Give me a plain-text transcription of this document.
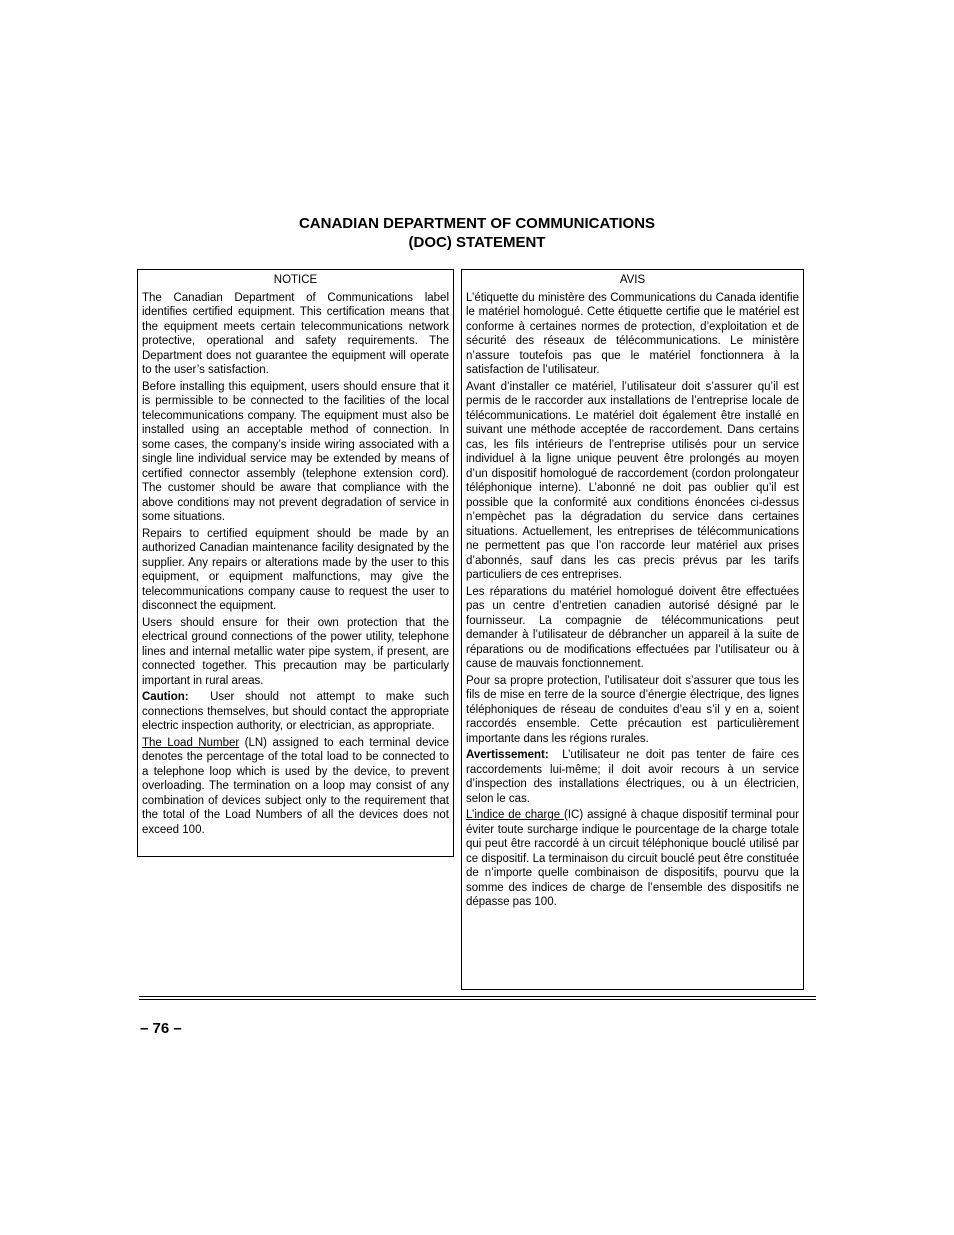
CANADIAN DEPARTMENT OF COMMUNICATIONS
(DOC) STATEMENT
NOTICE
The Canadian Department of Communications label identifies certified equipment. This certification means that the equipment meets certain telecommunications network protective, operational and safety requirements. The Department does not guarantee the equipment will operate to the user’s satisfaction.
Before installing this equipment, users should ensure that it is permissible to be connected to the facilities of the local telecommunications company. The equipment must also be installed using an acceptable method of connection. In some cases, the company’s inside wiring associated with a single line individual service may be extended by means of certified connector assembly (telephone extension cord). The customer should be aware that compliance with the above conditions may not prevent degradation of service in some situations.
Repairs to certified equipment should be made by an authorized Canadian maintenance facility designated by the supplier. Any repairs or alterations made by the user to this equipment, or equipment malfunctions, may give the telecommunications company cause to request the user to disconnect the equipment.
Users should ensure for their own protection that the electrical ground connections of the power utility, telephone lines and internal metallic water pipe system, if present, are connected together. This precaution may be particularly important in rural areas.
Caution: User should not attempt to make such connections themselves, but should contact the appropriate electric inspection authority, or electrician, as appropriate.
The Load Number (LN) assigned to each terminal device denotes the percentage of the total load to be connected to a telephone loop which is used by the device, to prevent overloading. The termination on a loop may consist of any combination of devices subject only to the requirement that the total of the Load Numbers of all the devices does not exceed 100.
AVIS
L’étiquette du ministère des Communications du Canada identifie le matériel homologué. Cette étiquette certifie que le matériel est conforme à certaines normes de protection, d’exploitation et de sécurité des réseaux de télécommunications. Le ministère n’assure toutefois pas que le matériel fonctionnera à la satisfaction de l’utilisateur.
Avant d’installer ce matériel, l’utilisateur doit s’assurer qu’il est permis de le raccorder aux installations de l’entreprise locale de télécommunications. Le matériel doit également être installé en suivant une méthode acceptée de raccordement. Dans certains cas, les fils intérieurs de l’entreprise utilisés pour un service individuel à la ligne unique peuvent être prolongés au moyen d’un dispositif homologué de raccordement (cordon prolongateur téléphonique interne). L’abonné ne doit pas oublier qu’il est possible que la conformité aux conditions énoncées ci-dessus n’empèchet pas la dégradation du service dans certaines situations. Actuellement, les entreprises de télécommunications ne permettent pas que l’on raccorde leur matériel aux prises d’abonnés, sauf dans les cas precis prévus par les tarifs particuliers de ces entreprises.
Les réparations du matériel homologué doivent être effectuées pas un centre d’entretien canadien autorisé désigné par le fournisseur. La compagnie de télécommunications peut demander à l’utilisateur de débrancher un appareil à la suite de réparations ou de modifications effectuées par l’utilisateur ou à cause de mauvais fonctionnement.
Pour sa propre protection, l’utilisateur doit s’assurer que tous les fils de mise en terre de la source d’énergie électrique, des lignes téléphoniques de réseau de conduites d’eau s’il y en a, soient raccordés ensemble. Cette précaution est particulièrement importante dans les régions rurales.
Avertissement: L’utilisateur ne doit pas tenter de faire ces raccordements lui-même; il doit avoir recours à un service d’inspection des installations électriques, ou à un électricien, selon le cas.
L’indice de charge (IC) assigné à chaque dispositif terminal pour éviter toute surcharge indique le pourcentage de la charge totale qui peut être raccordé à un circuit téléphonique bouclé utilisé par ce dispositif. La terminaison du circuit bouclé peut être constituée de n’importe quelle combinaison de dispositifs, pourvu que la somme des indices de charge de l’ensemble des dispositifs ne dépasse pas 100.
– 76 –
